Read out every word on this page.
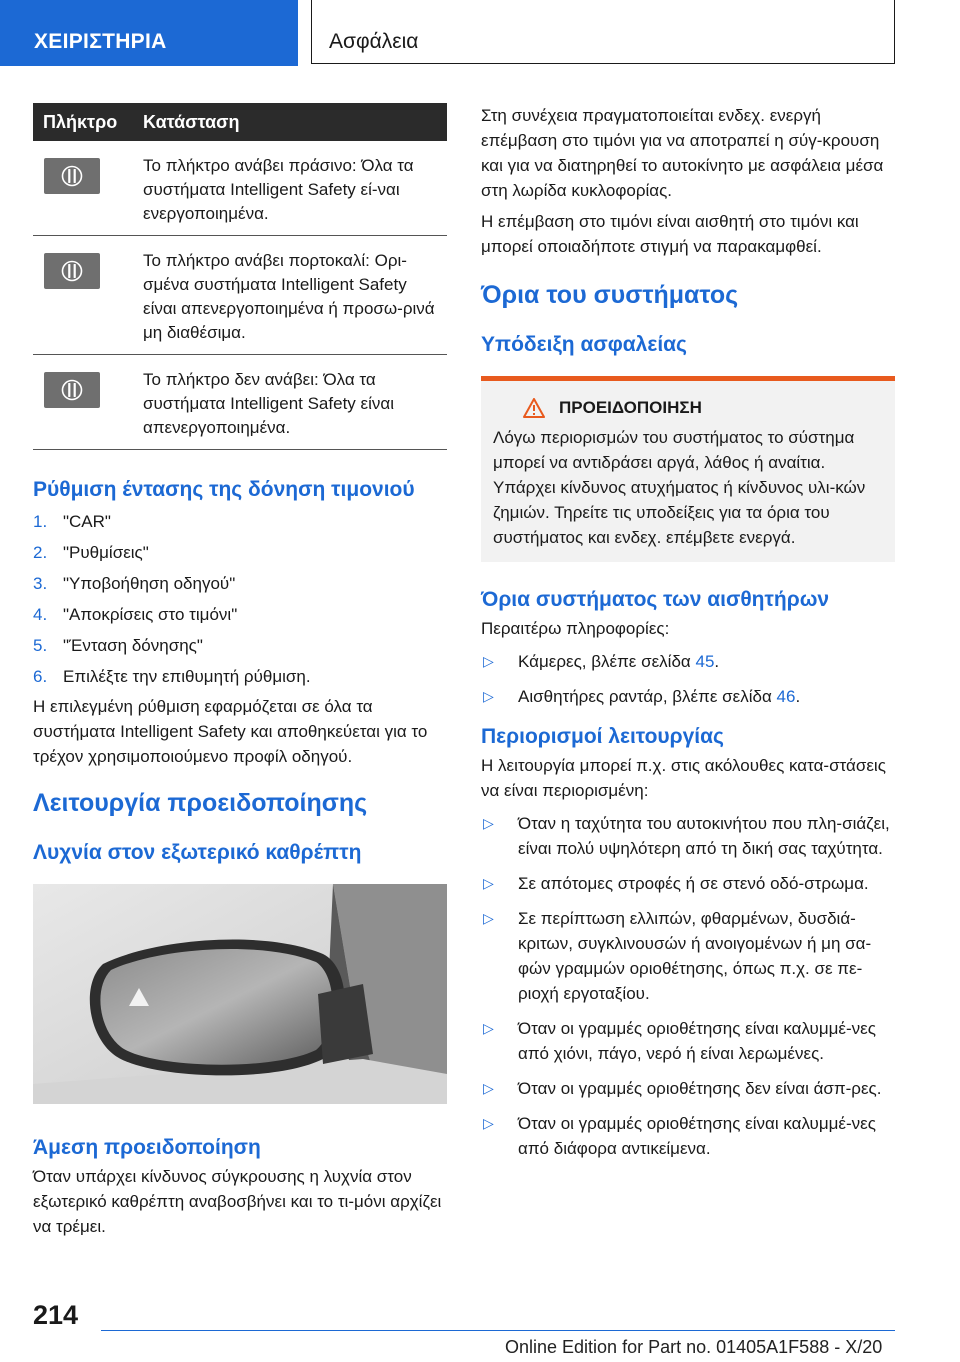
ΧΕΙΡΙΣΤΗΡΙΑ	Ασφάλεια
Πλήκτρο	Κατάσταση

	Το πλήκτρο ανάβει πράσινο: Όλα τα συστήματα Intelligent Safety εί-ναι ενεργοποιημένα.

	Το πλήκτρο ανάβει πορτοκαλί: Ορι-σμένα συστήματα Intelligent Safety είναι απενεργοποιημένα ή προσω-ρινά μη διαθέσιμα.

	Το πλήκτρο δεν ανάβει: Όλα τα συστήματα Intelligent Safety είναι απενεργοποιημένα.
Ρύθμιση έντασης της δόνηση τιμονιού
1. "CAR"
2. "Ρυθμίσεις"
3. "Υποβοήθηση οδηγού"
4. "Αποκρίσεις στο τιμόνι"
5. "Ένταση δόνησης"
6. Επιλέξτε την επιθυμητή ρύθμιση.

Η επιλεγμένη ρύθμιση εφαρμόζεται σε όλα τα συστήματα Intelligent Safety και αποθηκεύεται για το τρέχον χρησιμοποιούμενο προφίλ οδηγού.

Λειτουργία προειδοποίησης
Λυχνία στον εξωτερικό καθρέπτη
Άμεση προειδοποίηση

Όταν υπάρχει κίνδυνος σύγκρουσης η λυχνία στον εξωτερικό καθρέπτη αναβοσβήνει και το τι-μόνι αρχίζει να τρέμει.

Στη συνέχεια πραγματοποιείται ενδεχ. ενεργή επέμβαση στο τιμόνι για να αποτραπεί η σύγ-κρουση και για να διατηρηθεί το αυτοκίνητο με ασφάλεια μέσα στη λωρίδα κυκλοφορίας.

Η επέμβαση στο τιμόνι είναι αισθητή στο τιμόνι και μπορεί οποιαδήποτε στιγμή να παρακαμφθεί.

Όρια του συστήματος
Υπόδειξη ασφαλείας
ΠΡΟΕΙΔΟΠΟΙΗΣΗ

Λόγω περιορισμών του συστήματος το σύστημα μπορεί να αντιδράσει αργά, λάθος ή αναίτια. Υπάρχει κίνδυνος ατυχήματος ή κίνδυνος υλι-κών ζημιών. Τηρείτε τις υποδείξεις για τα όρια του συστήματος και ενδεχ. επέμβετε ενεργά.

Όρια συστήματος των αισθητήρων

Περαιτέρω πληροφορίες:

▷	Κάμερες, βλέπε σελίδα 45.
▷	Αισθητήρες ραντάρ, βλέπε σελίδα 46.
Περιορισμοί λειτουργίας

Η λειτουργία μπορεί π.χ. στις ακόλουθες κατα-στάσεις να είναι περιορισμένη:

▷	Όταν η ταχύτητα του αυτοκινήτου που πλη-σιάζει, είναι πολύ υψηλότερη από τη δική σας ταχύτητα.
▷	Σε απότομες στροφές ή σε στενό οδό-στρωμα.
▷	Σε περίπτωση ελλιπών, φθαρμένων, δυσδιά-κριτων, συγκλινουσών ή ανοιγομένων ή μη σα-φών γραμμών οριοθέτησης, όπως π.χ. σε πε-ριοχή εργοταξίου.
▷	Όταν οι γραμμές οριοθέτησης είναι καλυμμέ-νες από χιόνι, πάγο, νερό ή είναι λερωμένες.
▷	Όταν οι γραμμές οριοθέτησης δεν είναι άσπ-ρες.
▷	Όταν οι γραμμές οριοθέτησης είναι καλυμμέ-νες από διάφορα αντικείμενα.
214
Online Edition for Part no. 01405A1F588 - X/20
